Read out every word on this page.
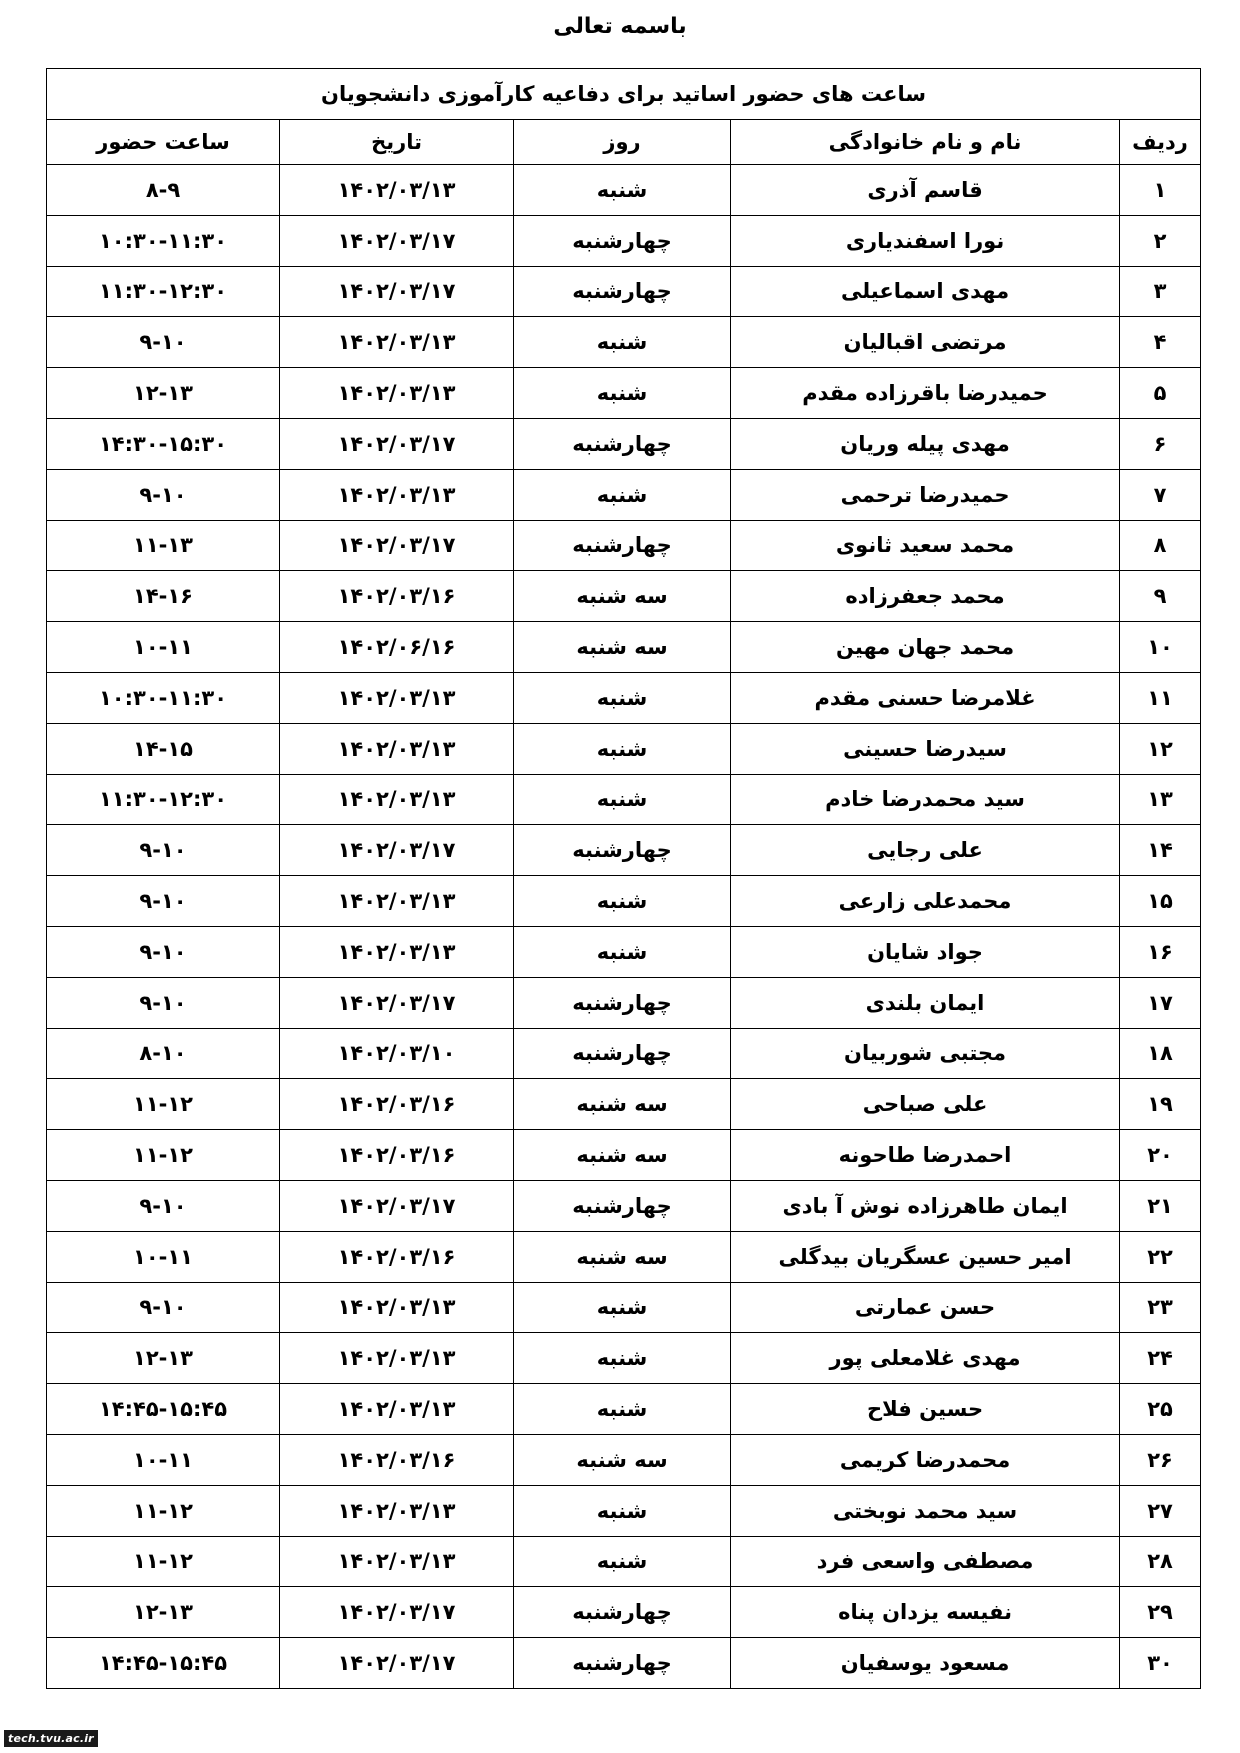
باسمه تعالی
ساعت های حضور اساتید برای دفاعیه کارآموزی دانشجویان				
ردیف	نام و نام خانوادگی	روز	تاریخ	ساعت حضور
۱	قاسم آذری	شنبه	۱۴۰۲/۰۳/۱۳	۸-۹
۲	نورا اسفندیاری	چهارشنبه	۱۴۰۲/۰۳/۱۷	۱۰:۳۰-۱۱:۳۰
۳	مهدی اسماعیلی	چهارشنبه	۱۴۰۲/۰۳/۱۷	۱۱:۳۰-۱۲:۳۰
۴	مرتضی اقبالیان	شنبه	۱۴۰۲/۰۳/۱۳	۹-۱۰
۵	حمیدرضا باقرزاده مقدم	شنبه	۱۴۰۲/۰۳/۱۳	۱۲-۱۳
۶	مهدی پیله وریان	چهارشنبه	۱۴۰۲/۰۳/۱۷	۱۴:۳۰-۱۵:۳۰
۷	حمیدرضا ترحمی	شنبه	۱۴۰۲/۰۳/۱۳	۹-۱۰
۸	محمد سعید ثانوی	چهارشنبه	۱۴۰۲/۰۳/۱۷	۱۱-۱۳
۹	محمد جعفرزاده	سه شنبه	۱۴۰۲/۰۳/۱۶	۱۴-۱۶
۱۰	محمد جهان مهین	سه شنبه	۱۴۰۲/۰۶/۱۶	۱۰-۱۱
۱۱	غلامرضا حسنی مقدم	شنبه	۱۴۰۲/۰۳/۱۳	۱۰:۳۰-۱۱:۳۰
۱۲	سیدرضا حسینی	شنبه	۱۴۰۲/۰۳/۱۳	۱۴-۱۵
۱۳	سید محمدرضا خادم	شنبه	۱۴۰۲/۰۳/۱۳	۱۱:۳۰-۱۲:۳۰
۱۴	علی رجایی	چهارشنبه	۱۴۰۲/۰۳/۱۷	۹-۱۰
۱۵	محمدعلی زارعی	شنبه	۱۴۰۲/۰۳/۱۳	۹-۱۰
۱۶	جواد شایان	شنبه	۱۴۰۲/۰۳/۱۳	۹-۱۰
۱۷	ایمان بلندی	چهارشنبه	۱۴۰۲/۰۳/۱۷	۹-۱۰
۱۸	مجتبی شوربیان	چهارشنبه	۱۴۰۲/۰۳/۱۰	۸-۱۰
۱۹	علی صباحی	سه شنبه	۱۴۰۲/۰۳/۱۶	۱۱-۱۲
۲۰	احمدرضا طاحونه	سه شنبه	۱۴۰۲/۰۳/۱۶	۱۱-۱۲
۲۱	ایمان طاهرزاده نوش آ بادی	چهارشنبه	۱۴۰۲/۰۳/۱۷	۹-۱۰
۲۲	امیر حسین عسگریان بیدگلی	سه شنبه	۱۴۰۲/۰۳/۱۶	۱۰-۱۱
۲۳	حسن عمارتی	شنبه	۱۴۰۲/۰۳/۱۳	۹-۱۰
۲۴	مهدی غلامعلی پور	شنبه	۱۴۰۲/۰۳/۱۳	۱۲-۱۳
۲۵	حسین فلاح	شنبه	۱۴۰۲/۰۳/۱۳	۱۴:۴۵-۱۵:۴۵
۲۶	محمدرضا کریمی	سه شنبه	۱۴۰۲/۰۳/۱۶	۱۰-۱۱
۲۷	سید محمد نوبختی	شنبه	۱۴۰۲/۰۳/۱۳	۱۱-۱۲
۲۸	مصطفی واسعی فرد	شنبه	۱۴۰۲/۰۳/۱۳	۱۱-۱۲
۲۹	نفیسه یزدان پناه	چهارشنبه	۱۴۰۲/۰۳/۱۷	۱۲-۱۳
۳۰	مسعود یوسفیان	چهارشنبه	۱۴۰۲/۰۳/۱۷	۱۴:۴۵-۱۵:۴۵
tech.tvu.ac.ir
